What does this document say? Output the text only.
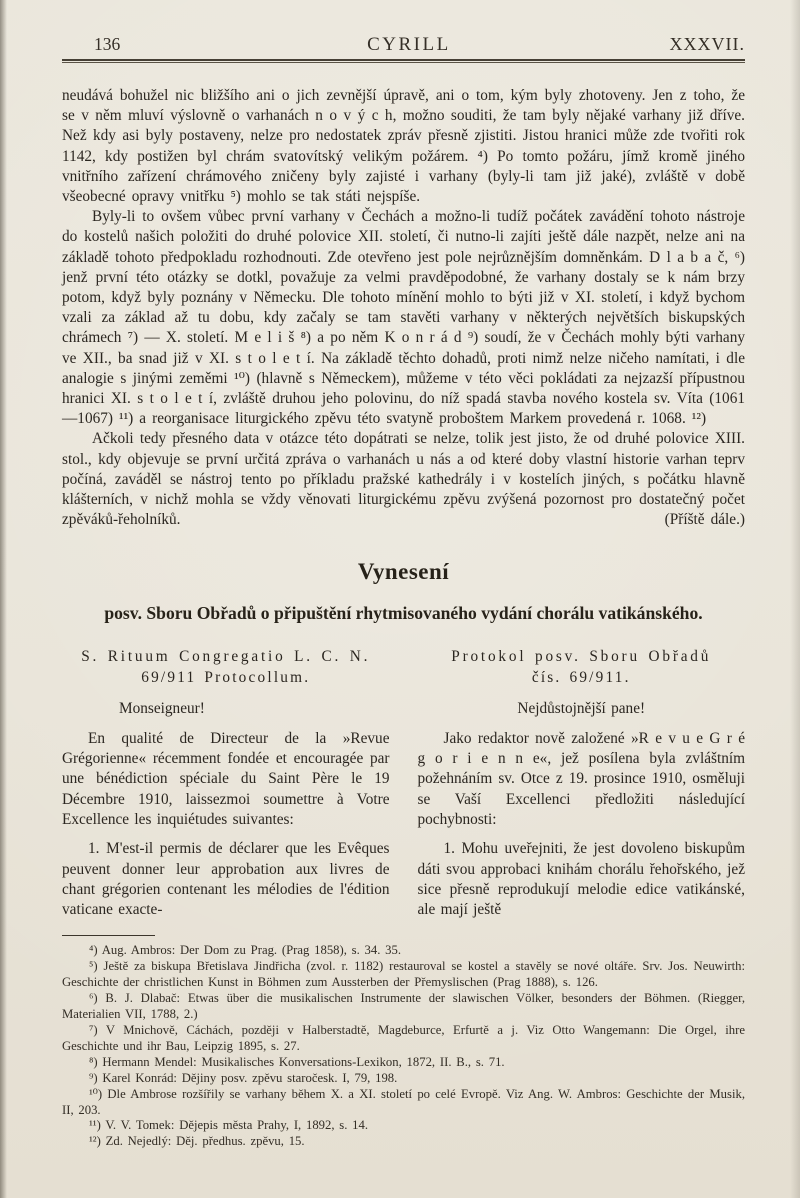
136	CYRILL	XXXVII.

neudává bohužel nic bližšího ani o jich zevnější úpravě, ani o tom, kým byly zhotoveny. Jen z toho, že se v něm mluví výslovně o varhanách n o v ý c h, možno souditi, že tam byly nějaké varhany již dříve. Než kdy asi byly postaveny, nelze pro nedostatek zpráv přesně zjistiti. Jistou hranici může zde tvořiti rok 1142, kdy postižen byl chrám svatovítský velikým požárem. ⁴) Po tomto požáru, jímž kromě jiného vnitřního zařízení chrámového zničeny byly zajisté i varhany (byly-li tam již jaké), zvláště v době všeobecné opravy vnitřku ⁵) mohlo se tak státi nejspíše.

Byly-li to ovšem vůbec první varhany v Čechách a možno-li tudíž počátek zavádění tohoto nástroje do kostelů našich položiti do druhé polovice XII. století, či nutno-li zajíti ještě dále nazpět, nelze ani na základě tohoto předpokladu rozhodnouti. Zde otevřeno jest pole nejrůznějším domněnkám. D l a b a č, ⁶) jenž první této otázky se dotkl, považuje za velmi pravděpodobné, že varhany dostaly se k nám brzy potom, když byly poznány v Německu. Dle tohoto mínění mohlo to býti již v XI. století, i když bychom vzali za základ až tu dobu, kdy začaly se tam stavěti varhany v některých největších biskupských chrámech ⁷) — X. století. M e l i š ⁸) a po něm K o n r á d ⁹) soudí, že v Čechách mohly býti varhany ve XII., ba snad již v XI. s t o l e t í. Na základě těchto dohadů, proti nimž nelze ničeho namítati, i dle analogie s jinými zeměmi ¹⁰) (hlavně s Německem), můžeme v této věci pokládati za nejzazší přípustnou hranici XI. s t o l e t í, zvláště druhou jeho polovinu, do níž spadá stavba nového kostela sv. Víta (1061—1067) ¹¹) a reorganisace liturgického zpěvu této svatyně proboštem Markem provedená r. 1068. ¹²)

Ačkoli tedy přesného data v otázce této dopátrati se nelze, tolik jest jisto, že od druhé polovice XIII. stol., kdy objevuje se první určitá zpráva o varhanách u nás a od které doby vlastní historie varhan teprv počíná, zaváděl se nástroj tento po příkladu pražské kathedrály i v kostelích jiných, s počátku hlavně klášterních, v nichž mohla se vždy věnovati liturgickému zpěvu zvýšená pozornost pro dostatečný počet zpěváků-řeholníků.	(Příště dále.)
Vynesení
posv. Sboru Obřadů o připuštění rhytmisovaného vydání chorálu vatikánského.
S. Rituum Congregatio L. C. N.
69/911 Protocollum.
Monseigneur!

En qualité de Directeur de la »Revue Grégorienne« récemment fondée et encouragée par une bénédiction spéciale du Saint Père le 19 Décembre 1910, laissezmoi soumettre à Votre Excellence les inquiétudes suivantes:

1. M'est-il permis de déclarer que les Evêques peuvent donner leur approbation aux livres de chant grégorien contenant les mélodies de l'édition vaticane exacte-

Protokol posv. Sboru Obřadů
čís. 69/911.
Nejdůstojnější pane!

Jako redaktor nově založené »R e v u e G r é g o r i e n n e«, jež posílena byla zvláštním požehnáním sv. Otce z 19. prosince 1910, osměluji se Vaší Excellenci předložiti následující pochybnosti:

1. Mohu uveřejniti, že jest dovoleno biskupům dáti svou approbaci knihám chorálu řehořského, jež sice přesně reprodukují melodie edice vatikánské, ale mají ještě

⁴) Aug. Ambros: Der Dom zu Prag. (Prag 1858), s. 34. 35.

⁵) Ještě za biskupa Břetislava Jindřicha (zvol. r. 1182) restauroval se kostel a stavěly se nové oltáře. Srv. Jos. Neuwirth: Geschichte der christlichen Kunst in Böhmen zum Aussterben der Přemyslischen (Prag 1888), s. 126.

⁶) B. J. Dlabač: Etwas über die musikalischen Instrumente der slawischen Völker, besonders der Böhmen. (Riegger, Materialien VII, 1788, 2.)

⁷) V Mnichově, Cáchách, později v Halberstadtě, Magdeburce, Erfurtě a j. Viz Otto Wangemann: Die Orgel, ihre Geschichte und ihr Bau, Leipzig 1895, s. 27.

⁸) Hermann Mendel: Musikalisches Konversations-Lexikon, 1872, II. B., s. 71.

⁹) Karel Konrád: Dějiny posv. zpěvu staročesk. I, 79, 198.

¹⁰) Dle Ambrose rozšířily se varhany během X. a XI. století po celé Evropě. Viz Ang. W. Ambros: Geschichte der Musik, II, 203.

¹¹) V. V. Tomek: Dějepis města Prahy, I, 1892, s. 14.

¹²) Zd. Nejedlý: Děj. předhus. zpěvu, 15.
